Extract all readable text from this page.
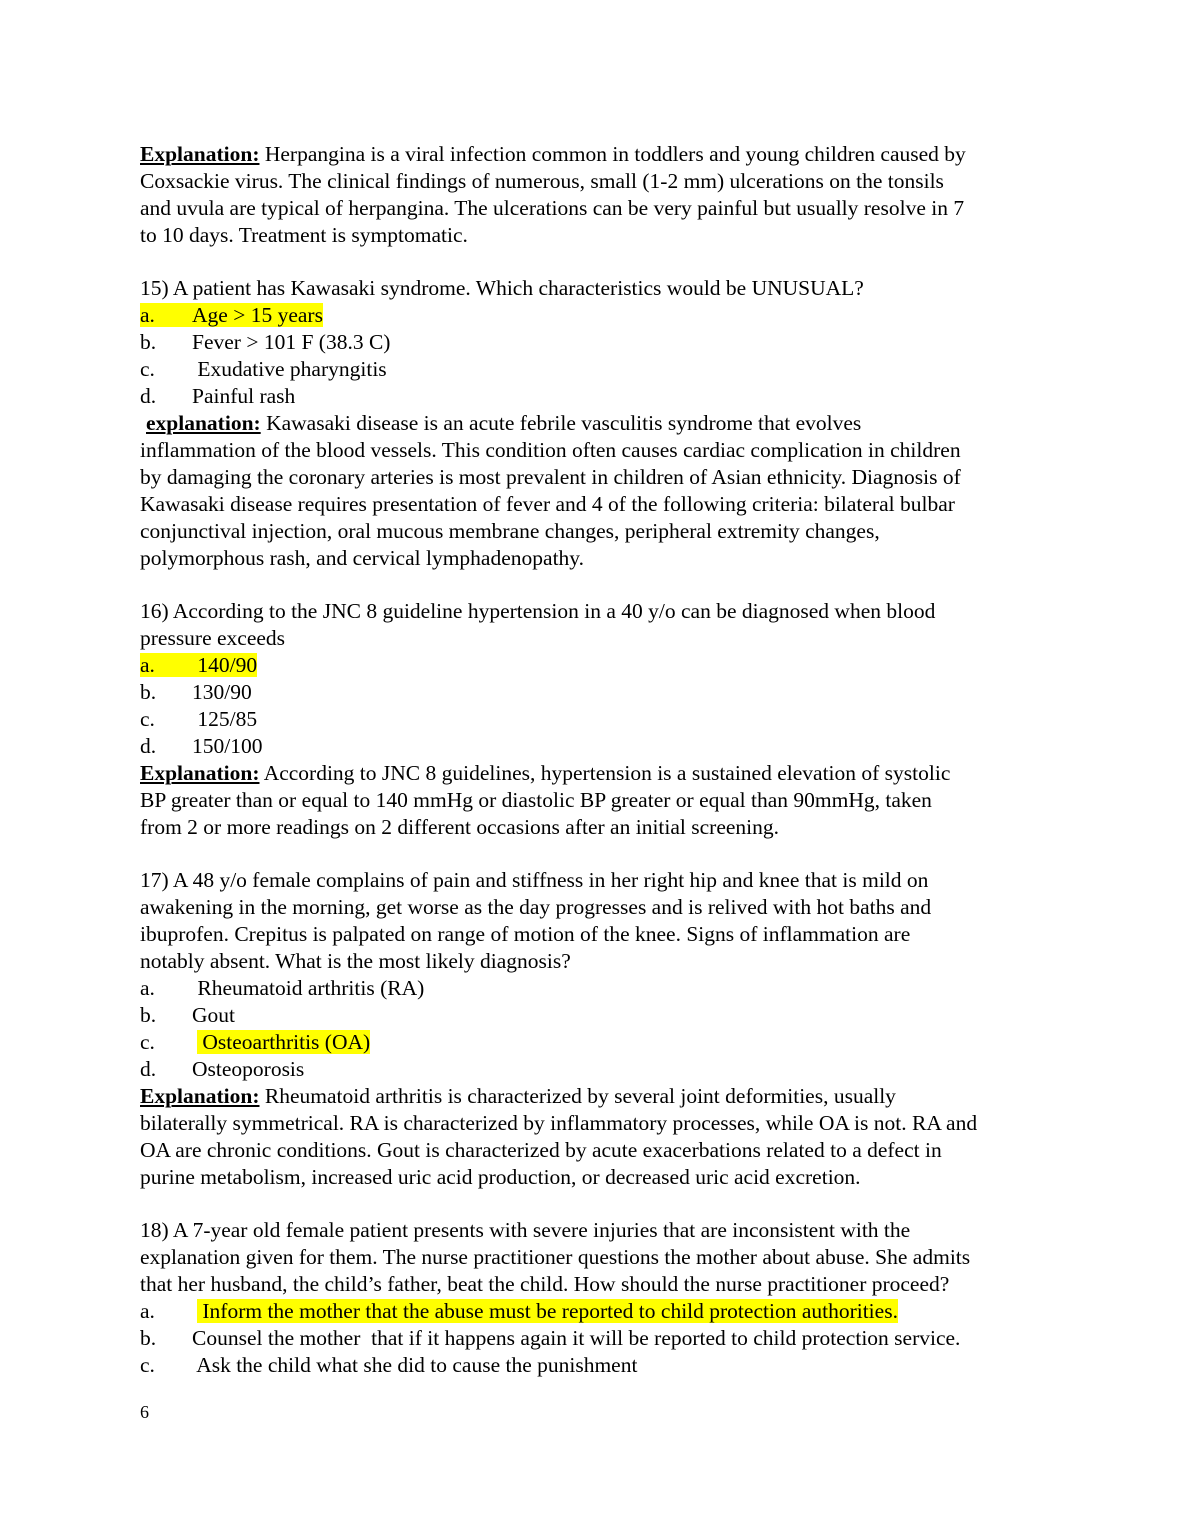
Explanation: Herpangina is a viral infection common in toddlers and young children caused by
Coxsackie virus. The clinical findings of numerous, small (1-2 mm) ulcerations on the tonsils
and uvula are typical of herpangina. The ulcerations can be very painful but usually resolve in 7
to 10 days. Treatment is symptomatic.
15) A patient has Kawasaki syndrome. Which characteristics would be UNUSUAL?
a. Age > 15 years
b. Fever > 101 F (38.3 C)
c. Exudative pharyngitis
d. Painful rash
explanation: Kawasaki disease is an acute febrile vasculitis syndrome that evolves
inflammation of the blood vessels. This condition often causes cardiac complication in children
by damaging the coronary arteries is most prevalent in children of Asian ethnicity. Diagnosis of
Kawasaki disease requires presentation of fever and 4 of the following criteria: bilateral bulbar
conjunctival injection, oral mucous membrane changes, peripheral extremity changes,
polymorphous rash, and cervical lymphadenopathy.
16) According to the JNC 8 guideline hypertension in a 40 y/o can be diagnosed when blood
pressure exceeds
a. 140/90
b. 130/90
c. 125/85
d. 150/100
Explanation: According to JNC 8 guidelines, hypertension is a sustained elevation of systolic
BP greater than or equal to 140 mmHg or diastolic BP greater or equal than 90mmHg, taken
from 2 or more readings on 2 different occasions after an initial screening.
17) A 48 y/o female complains of pain and stiffness in her right hip and knee that is mild on
awakening in the morning, get worse as the day progresses and is relived with hot baths and
ibuprofen. Crepitus is palpated on range of motion of the knee. Signs of inflammation are
notably absent. What is the most likely diagnosis?
a. Rheumatoid arthritis (RA)
b. Gout
c. Osteoarthritis (OA)
d. Osteoporosis
Explanation: Rheumatoid arthritis is characterized by several joint deformities, usually
bilaterally symmetrical. RA is characterized by inflammatory processes, while OA is not. RA and
OA are chronic conditions. Gout is characterized by acute exacerbations related to a defect in
purine metabolism, increased uric acid production, or decreased uric acid excretion.
18) A 7-year old female patient presents with severe injuries that are inconsistent with the
explanation given for them. The nurse practitioner questions the mother about abuse. She admits
that her husband, the child’s father, beat the child. How should the nurse practitioner proceed?
a. Inform the mother that the abuse must be reported to child protection authorities.
b. Counsel the mother  that if it happens again it will be reported to child protection service.
c. Ask the child what she did to cause the punishment
6
